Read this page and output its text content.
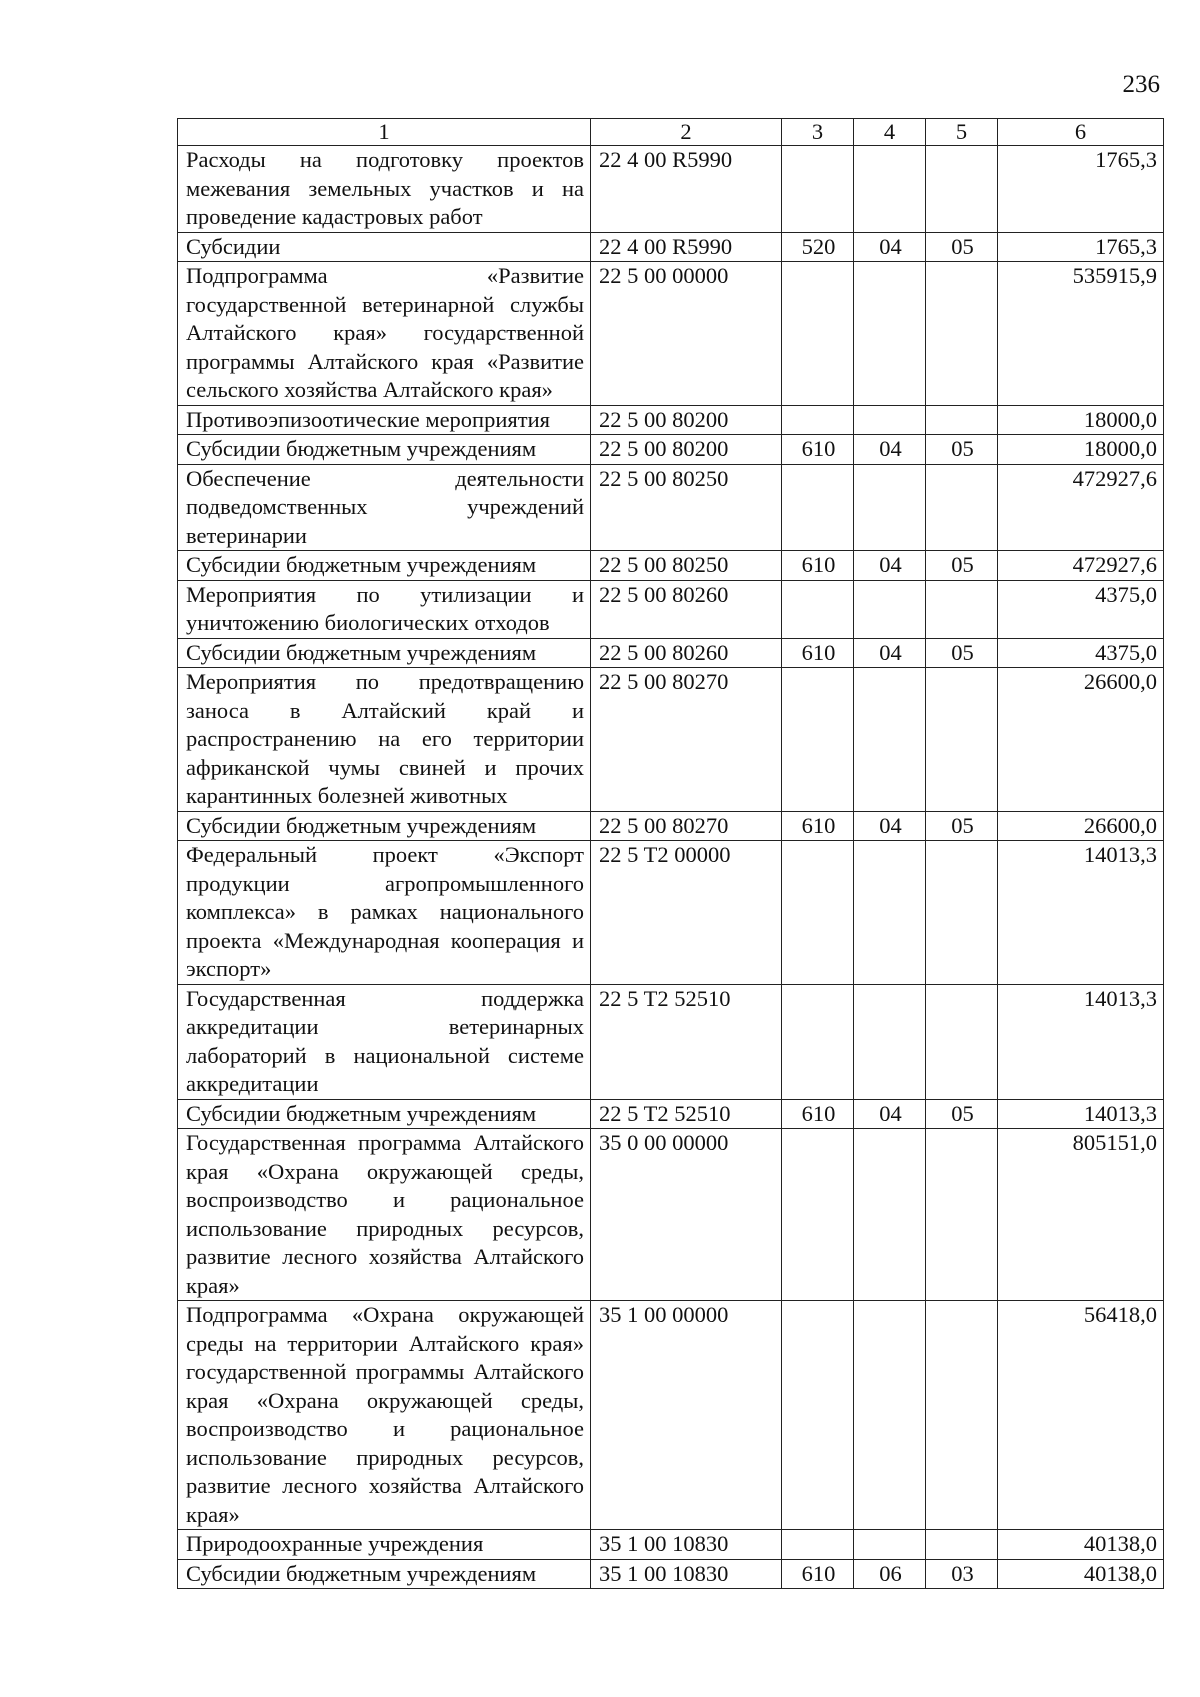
236
1	2	3	4	5	6
Расходы на подготовку проектов межевания земельных участков и на проведение кадастровых работ	22 4 00 R5990				1765,3
Субсидии	22 4 00 R5990	520	04	05	1765,3
Подпрограмма «Развитие государственной ветеринарной службы Алтайского края» государственной программы Алтайского края «Развитие сельского хозяйства Алтайского края»	22 5 00 00000				535915,9
Противоэпизоотические мероприятия	22 5 00 80200				18000,0
Субсидии бюджетным учреждениям	22 5 00 80200	610	04	05	18000,0
Обеспечение деятельности подведомственных учреждений ветеринарии	22 5 00 80250				472927,6
Субсидии бюджетным учреждениям	22 5 00 80250	610	04	05	472927,6
Мероприятия по утилизации и уничтожению биологических отходов	22 5 00 80260				4375,0
Субсидии бюджетным учреждениям	22 5 00 80260	610	04	05	4375,0
Мероприятия по предотвращению заноса в Алтайский край и распространению на его территории африканской чумы свиней и прочих карантинных болезней животных	22 5 00 80270				26600,0
Субсидии бюджетным учреждениям	22 5 00 80270	610	04	05	26600,0
Федеральный проект «Экспорт продукции агропромышленного комплекса» в рамках национального проекта «Международная кооперация и экспорт»	22 5 T2 00000				14013,3
Государственная поддержка аккредитации ветеринарных лабораторий в национальной системе аккредитации	22 5 T2 52510				14013,3
Субсидии бюджетным учреждениям	22 5 T2 52510	610	04	05	14013,3
Государственная программа Алтайского края «Охрана окружающей среды, воспроизводство и рациональное использование природных ресурсов, развитие лесного хозяйства Алтайского края»	35 0 00 00000				805151,0
Подпрограмма «Охрана окружающей среды на территории Алтайского края» государственной программы Алтайского края «Охрана окружающей среды, воспроизводство и рациональное использование природных ресурсов, развитие лесного хозяйства Алтайского края»	35 1 00 00000				56418,0
Природоохранные учреждения	35 1 00 10830				40138,0
Субсидии бюджетным учреждениям	35 1 00 10830	610	06	03	40138,0
